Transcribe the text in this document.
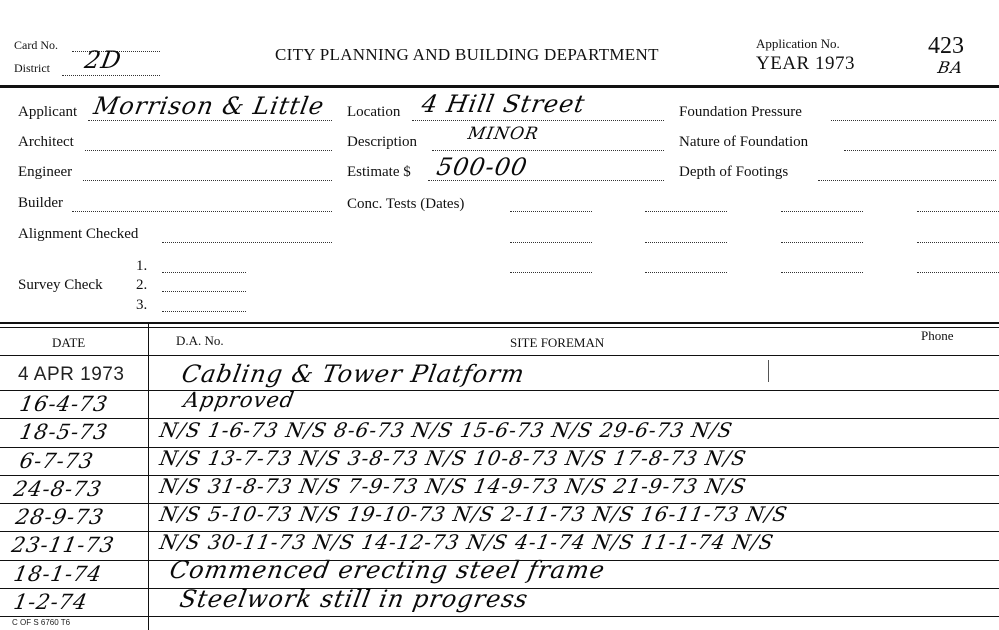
Card No.
District 2D	CITY PLANNING AND BUILDING DEPARTMENT
Application No.
YEAR 1973
423
BA
Applicant Morrison & Little
Architect
Engineer
Builder
Alignment Checked
Survey Check
1.
2.
3.
Location 4 Hill Street
Description	MINOR
Estimate $ 500-00
Conc. Tests (Dates)
Foundation Pressure
Nature of Foundation
Depth of Footings
DATE	D.A. No.	SITE FOREMAN	Phone
4 APR 1973 Cabling & Tower Platform
16-4-73	Approved
18-5-73 N/S 1-6-73 N/S 8-6-73 N/S 15-6-73 N/S 29-6-73 N/S
6-7-73	N/S 13-7-73 N/S 3-8-73 N/S 10-8-73 N/S 17-8-73 N/S
24-8-73	N/S 31-8-73 N/S 7-9-73 N/S 14-9-73 N/S 21-9-73 N/S
28-9-73	N/S 5-10-73 N/S 19-10-73 N/S 2-11-73 N/S 16-11-73 N/S
23-11-73 N/S 30-11-73 N/S 14-12-73 N/S 4-1-74 N/S 11-1-74 N/S
18-1-74	Commenced erecting steel frame
1-2-74	Steelwork still in progress
C OF S 6760 T6
